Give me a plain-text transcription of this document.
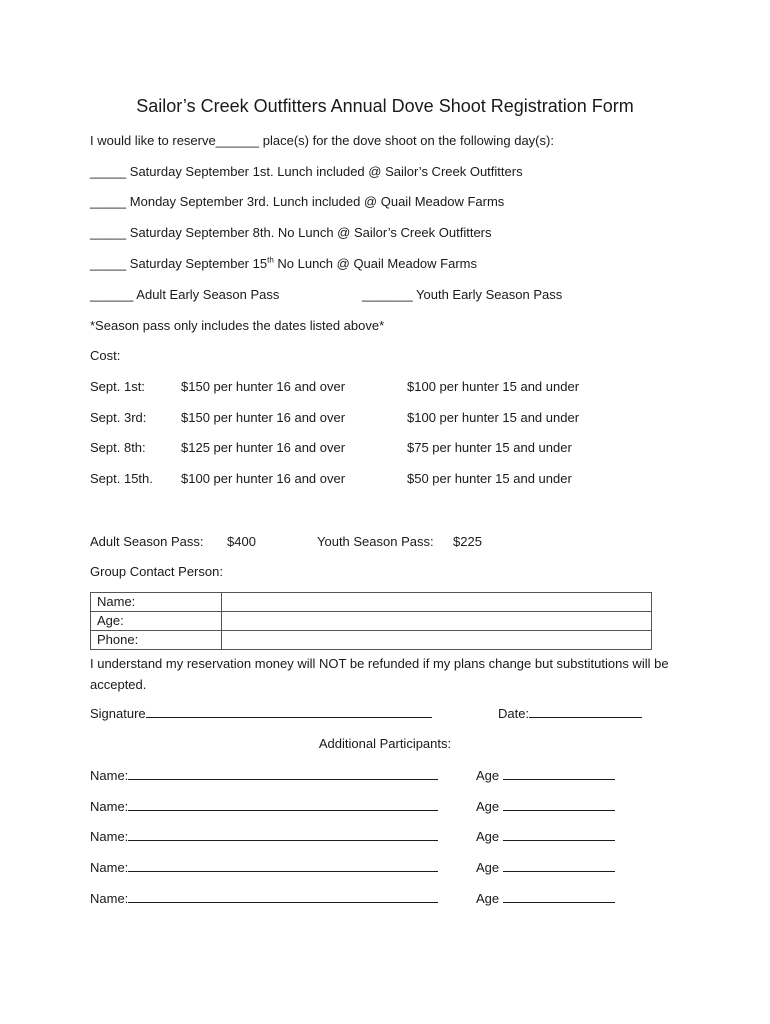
Sailor’s Creek Outfitters Annual Dove Shoot Registration Form
I would like to reserve______ place(s) for the dove shoot on the following day(s):
_____ Saturday September 1st. Lunch included @ Sailor’s Creek Outfitters
_____ Monday September 3rd. Lunch included @ Quail Meadow Farms
_____ Saturday September 8th. No Lunch @ Sailor’s Creek Outfitters
_____ Saturday September 15th No Lunch @ Quail Meadow Farms
______ Adult Early Season Pass	_______ Youth Early Season Pass
*Season pass only includes the dates listed above*
Cost:
Sept. 1st:	$150 per hunter 16 and over	$100 per hunter 15 and under
Sept. 3rd:	$150 per hunter 16 and over	$100 per hunter 15 and under
Sept. 8th:	$125 per hunter 16 and over	$75 per hunter 15 and under
Sept. 15th. $100 per hunter 16 and over	$50 per hunter 15 and under
Adult Season Pass: $400	Youth Season Pass: $225
Group Contact Person:
Name:	
Age:	
Phone:	
I understand my reservation money will NOT be refunded if my plans change but substitutions will be accepted.
Signature	Date:
Additional Participants:
Name:	Age
Name:	Age
Name:	Age
Name:	Age
Name:	Age
